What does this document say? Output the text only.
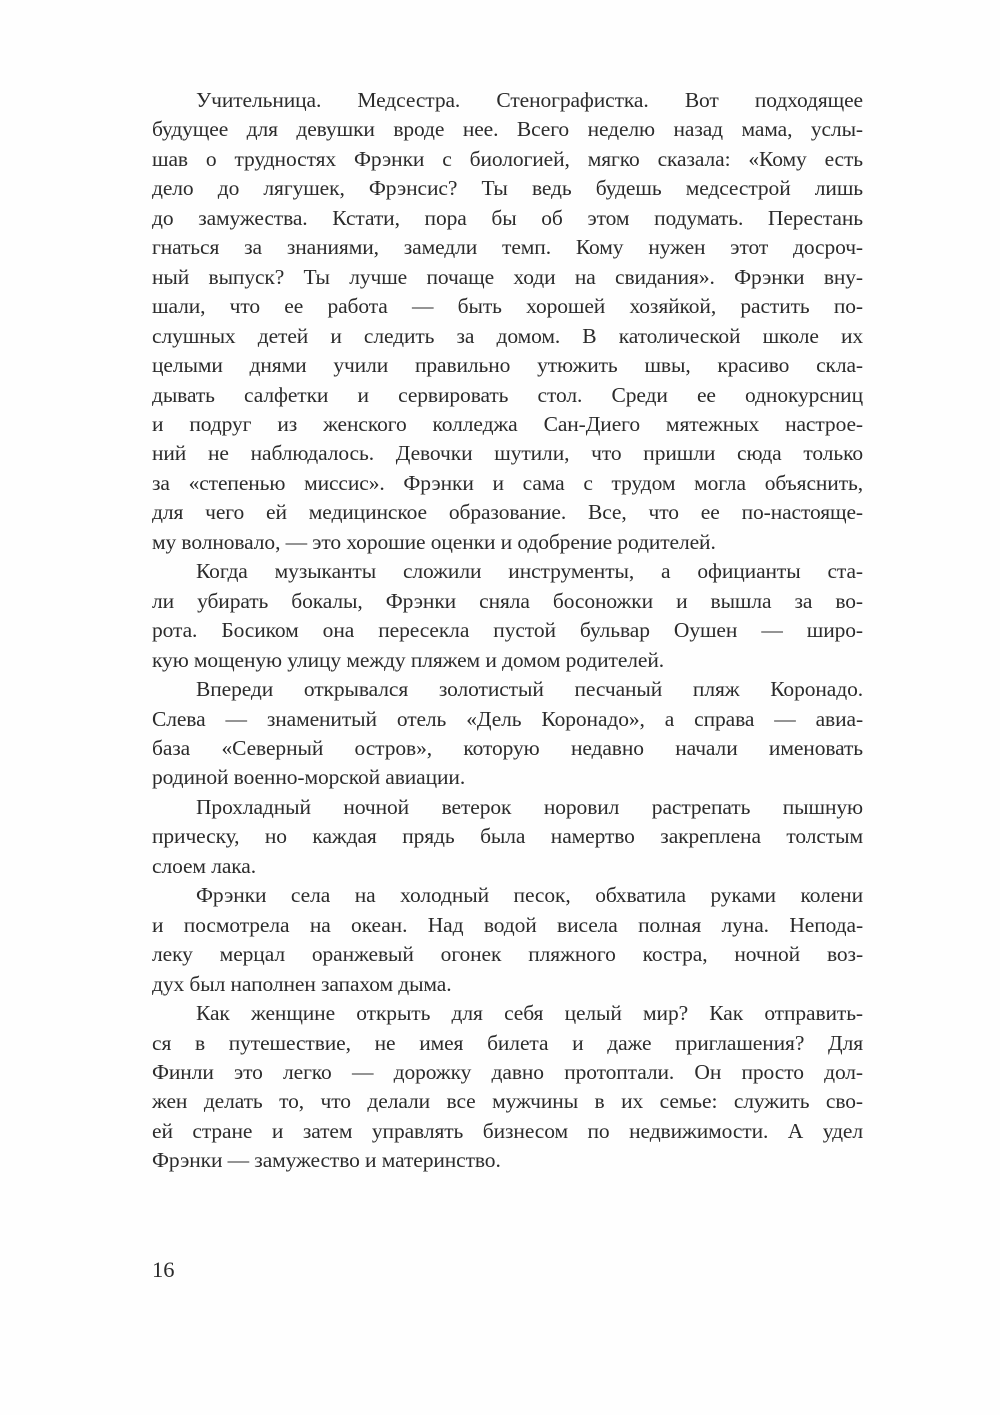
Учительница. Медсестра. Стенографистка. Вот подходящее
будущее для девушки вроде нее. Всего неделю назад мама, услы-
шав о трудностях Фрэнки с биологией, мягко сказала: «Кому есть
дело до лягушек, Фрэнсис? Ты ведь будешь медсестрой лишь
до замужества. Кстати, пора бы об этом подумать. Перестань
гнаться за знаниями, замедли темп. Кому нужен этот досроч-
ный выпуск? Ты лучше почаще ходи на свидания». Фрэнки вну-
шали, что ее работа — быть хорошей хозяйкой, растить по-
слушных детей и следить за домом. В католической школе их
целыми днями учили правильно утюжить швы, красиво скла-
дывать салфетки и сервировать стол. Среди ее однокурсниц
и подруг из женского колледжа Сан-Диего мятежных настрое-
ний не наблюдалось. Девочки шутили, что пришли сюда только
за «степенью миссис». Фрэнки и сама с трудом могла объяснить,
для чего ей медицинское образование. Все, что ее по-настояще-
му волновало, — это хорошие оценки и одобрение родителей.
Когда музыканты сложили инструменты, а официанты ста-
ли убирать бокалы, Фрэнки сняла босоножки и вышла за во-
рота. Босиком она пересекла пустой бульвар Оушен — широ-
кую мощеную улицу между пляжем и домом родителей.
Впереди открывался золотистый песчаный пляж Коронадо.
Слева — знаменитый отель «Дель Коронадо», а справа — авиа-
база «Северный остров», которую недавно начали именовать
родиной военно-морской авиации.
Прохладный ночной ветерок норовил растрепать пышную
прическу, но каждая прядь была намертво закреплена толстым
слоем лака.
Фрэнки села на холодный песок, обхватила руками колени
и посмотрела на океан. Над водой висела полная луна. Непода-
леку мерцал оранжевый огонек пляжного костра, ночной воз-
дух был наполнен запахом дыма.
Как женщине открыть для себя целый мир? Как отправить-
ся в путешествие, не имея билета и даже приглашения? Для
Финли это легко — дорожку давно протоптали. Он просто дол-
жен делать то, что делали все мужчины в их семье: служить сво-
ей стране и затем управлять бизнесом по недвижимости. А удел
Фрэнки — замужество и материнство.
16
